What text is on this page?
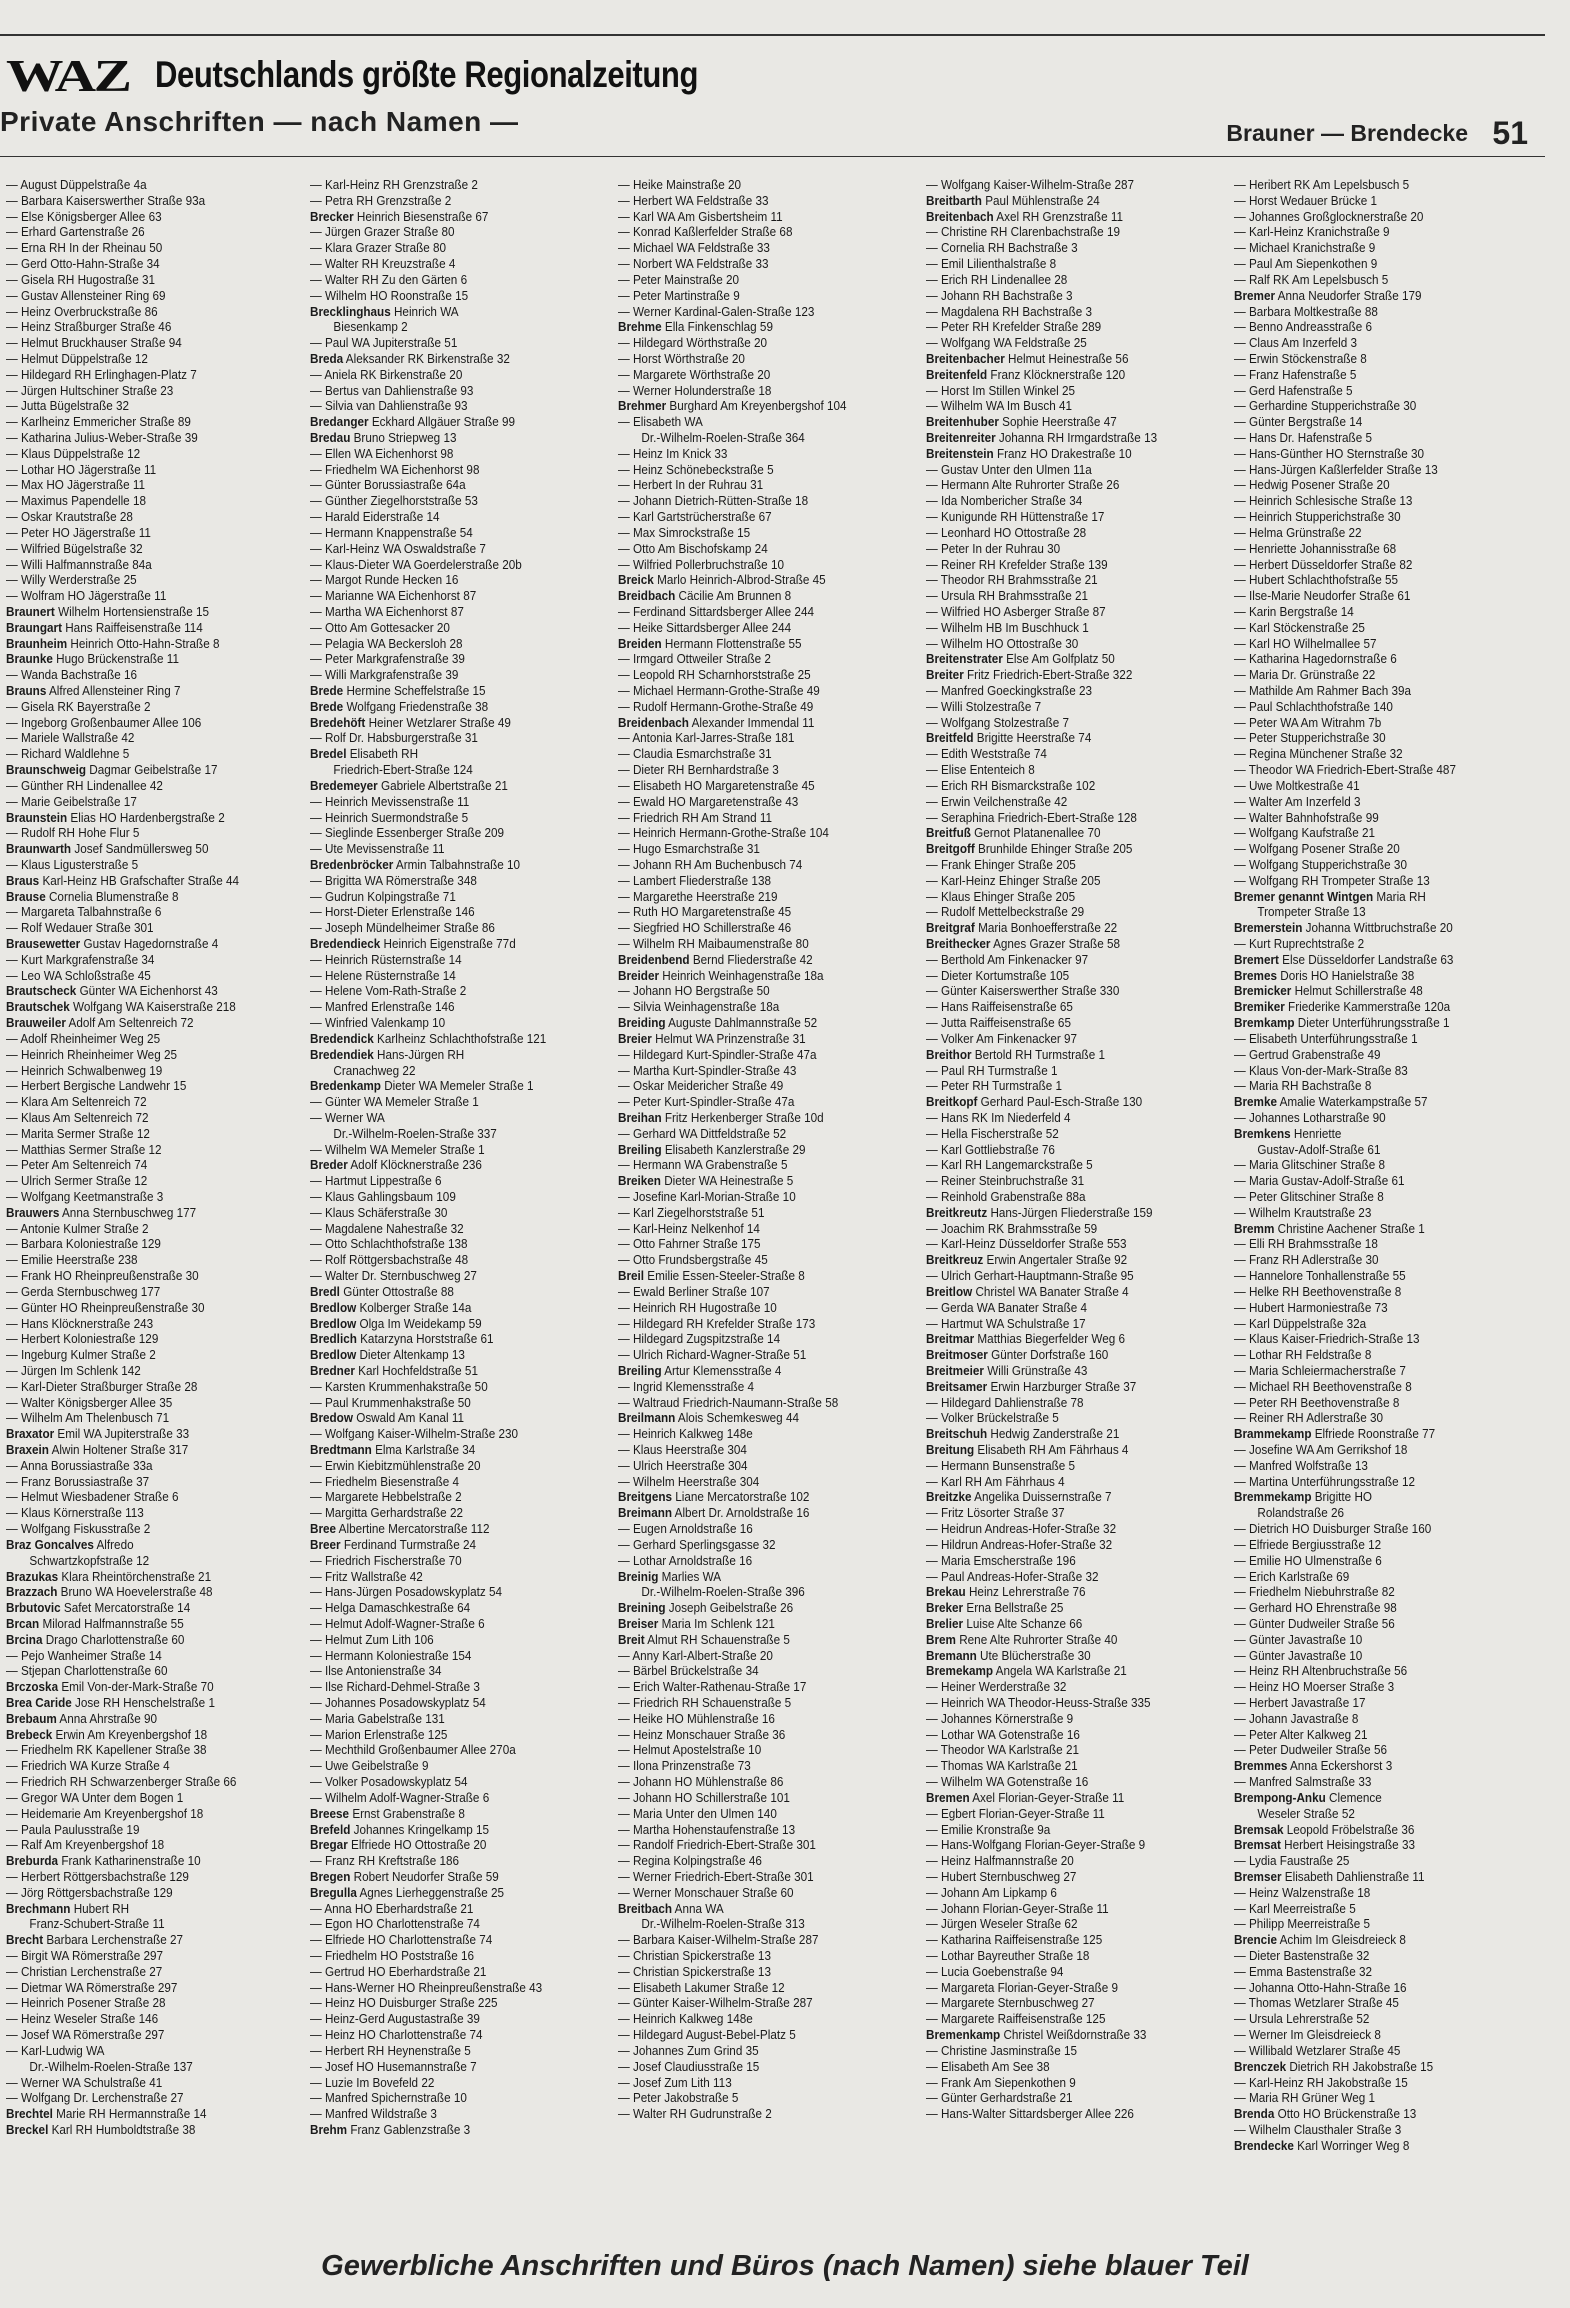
WAZ Deutschlands größte Regionalzeitung
Private Anschriften — nach Namen —	Brauner — Brendecke 51
— August Düppelstraße 4a
— Barbara Kaiserswerther Straße 93a
— Else Königsberger Allee 63
— Erhard Gartenstraße 26
— Erna RH In der Rheinau 50
— Gerd Otto-Hahn-Straße 34
— Gisela RH Hugostraße 31
— Gustav Allensteiner Ring 69
— Heinz Overbruckstraße 86
— Heinz Straßburger Straße 46
— Helmut Bruckhauser Straße 94
— Helmut Düppelstraße 12
— Hildegard RH Erlinghagen-Platz 7
— Jürgen Hultschiner Straße 23
— Jutta Bügelstraße 32
— Karlheinz Emmericher Straße 89
— Katharina Julius-Weber-Straße 39
— Klaus Düppelstraße 12
— Lothar HO Jägerstraße 11
— Max HO Jägerstraße 11
— Maximus Papendelle 18
— Oskar Krautstraße 28
— Peter HO Jägerstraße 11
— Wilfried Bügelstraße 32
— Willi Halfmannstraße 84a
— Willy Werderstraße 25
— Wolfram HO Jägerstraße 11
Braunert Wilhelm Hortensienstraße 15
Braungart Hans Raiffeisenstraße 114
Braunheim Heinrich Otto-Hahn-Straße 8
Braunke Hugo Brückenstraße 11
— Wanda Bachstraße 16
Brauns Alfred Allensteiner Ring 7
— Gisela RK Bayerstraße 2
— Ingeborg Großenbaumer Allee 106
— Mariele Wallstraße 42
— Richard Waldlehne 5
Braunschweig Dagmar Geibelstraße 17
— Günther RH Lindenallee 42
— Marie Geibelstraße 17
Braunstein Elias HO Hardenbergstraße 2
— Rudolf RH Hohe Flur 5
Braunwarth Josef Sandmüllersweg 50
— Klaus Ligusterstraße 5
Braus Karl-Heinz HB Grafschafter Straße 44
Brause Cornelia Blumenstraße 8
— Margareta Talbahnstraße 6
— Rolf Wedauer Straße 301
Brausewetter Gustav Hagedornstraße 4
— Kurt Markgrafenstraße 34
— Leo WA Schloßstraße 45
Brautscheck Günter WA Eichenhorst 43
Brautschek Wolfgang WA Kaiserstraße 218
Brauweiler Adolf Am Seltenreich 72
— Adolf Rheinheimer Weg 25
— Heinrich Rheinheimer Weg 25
— Heinrich Schwalbenweg 19
— Herbert Bergische Landwehr 15
— Klara Am Seltenreich 72
— Klaus Am Seltenreich 72
— Marita Sermer Straße 12
— Matthias Sermer Straße 12
— Peter Am Seltenreich 74
— Ulrich Sermer Straße 12
— Wolfgang Keetmanstraße 3
Brauwers Anna Sternbuschweg 177
— Antonie Kulmer Straße 2
— Barbara Koloniestraße 129
— Emilie Heerstraße 238
— Frank HO Rheinpreußenstraße 30
— Gerda Sternbuschweg 177
— Günter HO Rheinpreußenstraße 30
— Hans Klöcknerstraße 243
— Herbert Koloniestraße 129
— Ingeburg Kulmer Straße 2
— Jürgen Im Schlenk 142
— Karl-Dieter Straßburger Straße 28
— Walter Königsberger Allee 35
— Wilhelm Am Thelenbusch 71
Braxator Emil WA Jupiterstraße 33
Braxein Alwin Holtener Straße 317
— Anna Borussiastraße 33a
— Franz Borussiastraße 37
— Helmut Wiesbadener Straße 6
— Klaus Körnerstraße 113
— Wolfgang Fiskusstraße 2
Braz Goncalves Alfredo
  Schwartzkopfstraße 12
Brazukas Klara Rheintörchenstraße 21
Brazzach Bruno WA Hoevelerstraße 48
Brbutovic Safet Mercatorstraße 14
Brcan Milorad Halfmannstraße 55
Brcina Drago Charlottenstraße 60
— Pejo Wanheimer Straße 14
— Stjepan Charlottenstraße 60
Brczoska Emil Von-der-Mark-Straße 70
Brea Caride Jose RH Henschelstraße 1
Brebaum Anna Ahrstraße 90
Brebeck Erwin Am Kreyenbergshof 18
— Friedhelm RK Kapellener Straße 38
— Friedrich WA Kurze Straße 4
— Friedrich RH Schwarzenberger Straße 66
— Gregor WA Unter dem Bogen 1
— Heidemarie Am Kreyenbergshof 18
— Paula Paulusstraße 19
— Ralf Am Kreyenbergshof 18
Breburda Frank Katharinenstraße 10
— Herbert Röttgersbachstraße 129
— Jörg Röttgersbachstraße 129
Brechmann Hubert RH
  Franz-Schubert-Straße 11
Brecht Barbara Lerchenstraße 27
— Birgit WA Römerstraße 297
— Christian Lerchenstraße 27
— Dietmar WA Römerstraße 297
— Heinrich Posener Straße 28
— Heinz Weseler Straße 146
— Josef WA Römerstraße 297
— Karl-Ludwig WA
  Dr.-Wilhelm-Roelen-Straße 137
— Werner WA Schulstraße 41
— Wolfgang Dr. Lerchenstraße 27
Brechtel Marie RH Hermannstraße 14
Breckel Karl RH Humboldtstraße 38
— Karl-Heinz RH Grenzstraße 2
— Petra RH Grenzstraße 2
Brecker Heinrich Biesenstraße 67
— Jürgen Grazer Straße 80
— Klara Grazer Straße 80
— Walter RH Kreuzstraße 4
— Walter RH Zu den Gärten 6
— Wilhelm HO Roonstraße 15
Brecklinghaus Heinrich WA
  Biesenkamp 2
— Paul WA Jupiterstraße 51
Breda Aleksander RK Birkenstraße 32
— Aniela RK Birkenstraße 20
— Bertus van Dahlienstraße 93
— Silvia van Dahlienstraße 93
Bredanger Eckhard Allgäuer Straße 99
Bredau Bruno Striepweg 13
— Ellen WA Eichenhorst 98
— Friedhelm WA Eichenhorst 98
— Günter Borussiastraße 64a
— Günther Ziegelhorststraße 53
— Harald Eiderstraße 14
— Hermann Knappenstraße 54
— Karl-Heinz WA Oswaldstraße 7
— Klaus-Dieter WA Goerdelerstraße 20b
— Margot Runde Hecken 16
— Marianne WA Eichenhorst 87
— Martha WA Eichenhorst 87
— Otto Am Gottesacker 20
— Pelagia WA Beckersloh 28
— Peter Markgrafenstraße 39
— Willi Markgrafenstraße 39
Brede Hermine Scheffelstraße 15
Brede Wolfgang Friedenstraße 38
Bredehöft Heiner Wetzlarer Straße 49
— Rolf Dr. Habsburgerstraße 31
Bredel Elisabeth RH
  Friedrich-Ebert-Straße 124
Bredemeyer Gabriele Albertstraße 21
— Heinrich Mevissenstraße 11
— Heinrich Suermondstraße 5
— Sieglinde Essenberger Straße 209
— Ute Mevissenstraße 11
Bredenbröcker Armin Talbahnstraße 10
— Brigitta WA Römerstraße 348
— Gudrun Kolpingstraße 71
— Horst-Dieter Erlenstraße 146
— Joseph Mündelheimer Straße 86
Bredendieck Heinrich Eigenstraße 77d
— Heinrich Rüsternstraße 14
— Helene Rüsternstraße 14
— Helene Vom-Rath-Straße 2
— Manfred Erlenstraße 146
— Winfried Valenkamp 10
Bredendick Karlheinz Schlachthofstraße 121
Bredendiek Hans-Jürgen RH
  Cranachweg 22
Bredenkamp Dieter WA Memeler Straße 1
— Günter WA Memeler Straße 1
— Werner WA
  Dr.-Wilhelm-Roelen-Straße 337
— Wilhelm WA Memeler Straße 1
Breder Adolf Klöcknerstraße 236
— Hartmut Lippestraße 6
— Klaus Gahlingsbaum 109
— Klaus Schäferstraße 30
— Magdalene Nahestraße 32
— Otto Schlachthofstraße 138
— Rolf Röttgersbachstraße 48
— Walter Dr. Sternbuschweg 27
Bredl Günter Ottostraße 88
Bredlow Kolberger Straße 14a
Bredlow Olga Im Weidekamp 59
Bredlich Katarzyna Horststraße 61
Bredlow Dieter Altenkamp 13
Bredner Karl Hochfeldstraße 51
— Karsten Krummenhakstraße 50
— Paul Krummenhakstraße 50
Bredow Oswald Am Kanal 11
— Wolfgang Kaiser-Wilhelm-Straße 230
Bredtmann Elma Karlstraße 34
— Erwin Kiebitzmühlenstraße 20
— Friedhelm Biesenstraße 4
— Margarete Hebbelstraße 2
— Margitta Gerhardstraße 22
Bree Albertine Mercatorstraße 112
Breer Ferdinand Turmstraße 24
— Friedrich Fischerstraße 70
— Fritz Wallstraße 42
— Hans-Jürgen Posadowskyplatz 54
— Helga Damaschkestraße 64
— Helmut Adolf-Wagner-Straße 6
— Helmut Zum Lith 106
— Hermann Koloniestraße 154
— Ilse Antonienstraße 34
— Ilse Richard-Dehmel-Straße 3
— Johannes Posadowskyplatz 54
— Maria Gabelstraße 131
— Marion Erlenstraße 125
— Mechthild Großenbaumer Allee 270a
— Uwe Geibelstraße 9
— Volker Posadowskyplatz 54
— Wilhelm Adolf-Wagner-Straße 6
Breese Ernst Grabenstraße 8
Brefeld Johannes Kringelkamp 15
Bregar Elfriede HO Ottostraße 20
— Franz RH Kreftstraße 186
Bregen Robert Neudorfer Straße 59
Bregulla Agnes Lierheggenstraße 25
— Anna HO Eberhardstraße 21
— Egon HO Charlottenstraße 74
— Elfriede HO Charlottenstraße 74
— Friedhelm HO Poststraße 16
— Gertrud HO Eberhardstraße 21
— Hans-Werner HO Rheinpreußenstraße 43
— Heinz HO Duisburger Straße 225
— Heinz-Gerd Augustastraße 39
— Heinz HO Charlottenstraße 74
— Herbert RH Heynenstraße 5
— Josef HO Husemannstraße 7
— Luzie Im Bovefeld 22
— Manfred Spichernstraße 10
— Manfred Wildstraße 3
Brehm Franz Gablenzstraße 3
— Heike Mainstraße 20
— Herbert WA Feldstraße 33
— Karl WA Am Gisbertsheim 11
— Konrad Kaßlerfelder Straße 68
— Michael WA Feldstraße 33
— Norbert WA Feldstraße 33
— Peter Mainstraße 20
— Peter Martinstraße 9
— Werner Kardinal-Galen-Straße 123
Brehme Ella Finkenschlag 59
— Hildegard Wörthstraße 20
— Horst Wörthstraße 20
— Margarete Wörthstraße 20
— Werner Holunderstraße 18
Brehmer Burghard Am Kreyenbergshof 104
— Elisabeth WA
  Dr.-Wilhelm-Roelen-Straße 364
— Heinz Im Knick 33
— Heinz Schönebeckstraße 5
— Herbert In der Ruhrau 31
— Johann Dietrich-Rütten-Straße 18
— Karl Gartstrücherstraße 67
— Max Simrockstraße 15
— Otto Am Bischofskamp 24
— Wilfried Pollerbruchstraße 10
Breick Marlo Heinrich-Albrod-Straße 45
Breidbach Cäcilie Am Brunnen 8
— Ferdinand Sittardsberger Allee 244
— Heike Sittardsberger Allee 244
Breiden Hermann Flottenstraße 55
— Irmgard Ottweiler Straße 2
— Leopold RH Scharnhorststraße 25
— Michael Hermann-Grothe-Straße 49
— Rudolf Hermann-Grothe-Straße 49
Breidenbach Alexander Immendal 11
— Antonia Karl-Jarres-Straße 181
— Claudia Esmarchstraße 31
— Dieter RH Bernhardstraße 3
— Elisabeth HO Margaretenstraße 45
— Ewald HO Margaretenstraße 43
— Friedrich RH Am Strand 11
— Heinrich Hermann-Grothe-Straße 104
— Hugo Esmarchstraße 31
— Johann RH Am Buchenbusch 74
— Lambert Fliederstraße 138
— Margarethe Heerstraße 219
— Ruth HO Margaretenstraße 45
— Siegfried HO Schillerstraße 46
— Wilhelm RH Maibaumenstraße 80
Breidenbend Bernd Fliederstraße 42
Breider Heinrich Weinhagenstraße 18a
— Johann HO Bergstraße 50
— Silvia Weinhagenstraße 18a
Breiding Auguste Dahlmannstraße 52
Breier Helmut WA Prinzenstraße 31
— Hildegard Kurt-Spindler-Straße 47a
— Martha Kurt-Spindler-Straße 43
— Oskar Meidericher Straße 49
— Peter Kurt-Spindler-Straße 47a
Breihan Fritz Herkenberger Straße 10d
— Gerhard WA Dittfeldstraße 52
Breiling Elisabeth Kanzlerstraße 29
— Hermann WA Grabenstraße 5
Breiken Dieter WA Heinestraße 5
— Josefine Karl-Morian-Straße 10
— Karl Ziegelhorststraße 51
— Karl-Heinz Nelkenhof 14
— Otto Fahrner Straße 175
— Otto Frundsbergstraße 45
Breil Emilie Essen-Steeler-Straße 8
— Ewald Berliner Straße 107
— Heinrich RH Hugostraße 10
— Hildegard RH Krefelder Straße 173
— Hildegard Zugspitzstraße 14
— Ulrich Richard-Wagner-Straße 51
Breiling Artur Klemensstraße 4
— Ingrid Klemensstraße 4
— Waltraud Friedrich-Naumann-Straße 58
Breilmann Alois Schemkesweg 44
— Heinrich Kalkweg 148e
— Klaus Heerstraße 304
— Ulrich Heerstraße 304
— Wilhelm Heerstraße 304
Breitgens Liane Mercatorstraße 102
Breimann Albert Dr. Arnoldstraße 16
— Eugen Arnoldstraße 16
— Gerhard Sperlingsgasse 32
— Lothar Arnoldstraße 16
Breinig Marlies WA
  Dr.-Wilhelm-Roelen-Straße 396
Breining Joseph Geibelstraße 26
Breiser Maria Im Schlenk 121
Breit Almut RH Schauenstraße 5
— Anny Karl-Albert-Straße 20
— Bärbel Brückelstraße 34
— Erich Walter-Rathenau-Straße 17
— Friedrich RH Schauenstraße 5
— Heike HO Mühlenstraße 16
— Heinz Monschauer Straße 36
— Helmut Apostelstraße 10
— Ilona Prinzenstraße 73
— Johann HO Mühlenstraße 86
— Johann HO Schillerstraße 101
— Maria Unter den Ulmen 140
— Martha Hohenstaufenstraße 13
— Randolf Friedrich-Ebert-Straße 301
— Regina Kolpingstraße 46
— Werner Friedrich-Ebert-Straße 301
— Werner Monschauer Straße 60
Breitbach Anna WA
  Dr.-Wilhelm-Roelen-Straße 313
— Barbara Kaiser-Wilhelm-Straße 287
— Christian Spickerstraße 13
— Christian Spickerstraße 13
— Elisabeth Lakumer Straße 12
— Günter Kaiser-Wilhelm-Straße 287
— Heinrich Kalkweg 148e
— Hildegard August-Bebel-Platz 5
— Johannes Zum Grind 35
— Josef Claudiusstraße 15
— Josef Zum Lith 113
— Peter Jakobstraße 5
— Walter RH Gudrunstraße 2
— Wolfgang Kaiser-Wilhelm-Straße 287
Breitbarth Paul Mühlenstraße 24
Breitenbach Axel RH Grenzstraße 11
— Christine RH Clarenbachstraße 19
— Cornelia RH Bachstraße 3
— Emil Lilienthalstraße 8
— Erich RH Lindenallee 28
— Johann RH Bachstraße 3
— Magdalena RH Bachstraße 3
— Peter RH Krefelder Straße 289
— Wolfgang WA Feldstraße 25
Breitenbacher Helmut Heinestraße 56
Breitenfeld Franz Klöcknerstraße 120
— Horst Im Stillen Winkel 25
— Wilhelm WA Im Busch 41
Breitenhuber Sophie Heerstraße 47
Breitenreiter Johanna RH Irmgardstraße 13
Breitenstein Franz HO Drakestraße 10
— Gustav Unter den Ulmen 11a
— Hermann Alte Ruhrorter Straße 26
— Ida Nombericher Straße 34
— Kunigunde RH Hüttenstraße 17
— Leonhard HO Ottostraße 28
— Peter In der Ruhrau 30
— Reiner RH Krefelder Straße 139
— Theodor RH Brahmsstraße 21
— Ursula RH Brahmsstraße 21
— Wilfried HO Asberger Straße 87
— Wilhelm HB Im Buschhuck 1
— Wilhelm HO Ottostraße 30
Breitenstrater Else Am Golfplatz 50
Breiter Fritz Friedrich-Ebert-Straße 322
— Manfred Goeckingkstraße 23
— Willi Stolzestraße 7
— Wolfgang Stolzestraße 7
Breitfeld Brigitte Heerstraße 74
— Edith Weststraße 74
— Elise Ententeich 8
— Erich RH Bismarckstraße 102
— Erwin Veilchenstraße 42
— Seraphina Friedrich-Ebert-Straße 128
Breitfuß Gernot Platanenallee 70
Breitgoff Brunhilde Ehinger Straße 205
— Frank Ehinger Straße 205
— Karl-Heinz Ehinger Straße 205
— Klaus Ehinger Straße 205
— Rudolf Mettelbeckstraße 29
Breitgraf Maria Bonhoefferstraße 22
Breithecker Agnes Grazer Straße 58
— Berthold Am Finkenacker 97
— Dieter Kortumstraße 105
— Günter Kaiserswerther Straße 330
— Hans Raiffeisenstraße 65
— Jutta Raiffeisenstraße 65
— Volker Am Finkenacker 97
Breithor Bertold RH Turmstraße 1
— Paul RH Turmstraße 1
— Peter RH Turmstraße 1
Breitkopf Gerhard Paul-Esch-Straße 130
— Hans RK Im Niederfeld 4
— Hella Fischerstraße 52
— Karl Gottliebstraße 76
— Karl RH Langemarckstraße 5
— Reiner Steinbruchstraße 31
— Reinhold Grabenstraße 88a
Breitkreutz Hans-Jürgen Fliederstraße 159
— Joachim RK Brahmsstraße 59
— Karl-Heinz Düsseldorfer Straße 553
Breitkreuz Erwin Angertaler Straße 92
— Ulrich Gerhart-Hauptmann-Straße 95
Breitlow Christel WA Banater Straße 4
— Gerda WA Banater Straße 4
— Hartmut WA Schulstraße 17
Breitmar Matthias Biegerfelder Weg 6
Breitmoser Günter Dorfstraße 160
Breitmeier Willi Grünstraße 43
Breitsamer Erwin Harzburger Straße 37
— Hildegard Dahlienstraße 78
— Volker Brückelstraße 5
Breitschuh Hedwig Zanderstraße 21
Breitung Elisabeth RH Am Fährhaus 4
— Hermann Bunsenstraße 5
— Karl RH Am Fährhaus 4
Breitzke Angelika Duissernstraße 7
— Fritz Lösorter Straße 37
— Heidrun Andreas-Hofer-Straße 32
— Hildrun Andreas-Hofer-Straße 32
— Maria Emscherstraße 196
— Paul Andreas-Hofer-Straße 32
Brekau Heinz Lehrerstraße 76
Breker Erna Bellstraße 25
Brelier Luise Alte Schanze 66
Brem Rene Alte Ruhrorter Straße 40
Bremann Ute Blücherstraße 30
Bremekamp Angela WA Karlstraße 21
— Heiner Werderstraße 32
— Heinrich WA Theodor-Heuss-Straße 335
— Johannes Körnerstraße 9
— Lothar WA Gotenstraße 16
— Theodor WA Karlstraße 21
— Thomas WA Karlstraße 21
— Wilhelm WA Gotenstraße 16
Bremen Axel Florian-Geyer-Straße 11
— Egbert Florian-Geyer-Straße 11
— Emilie Kronstraße 9a
— Hans-Wolfgang Florian-Geyer-Straße 9
— Heinz Halfmannstraße 20
— Hubert Sternbuschweg 27
— Johann Am Lipkamp 6
— Johann Florian-Geyer-Straße 11
— Jürgen Weseler Straße 62
— Katharina Raiffeisenstraße 125
— Lothar Bayreuther Straße 18
— Lucia Goebenstraße 94
— Margareta Florian-Geyer-Straße 9
— Margarete Sternbuschweg 27
— Margarete Raiffeisenstraße 125
Bremenkamp Christel Weißdornstraße 33
— Christine Jasminstraße 15
— Elisabeth Am See 38
— Frank Am Siepenkothen 9
— Günter Gerhardstraße 21
— Hans-Walter Sittardsberger Allee 226
— Heribert RK Am Lepelsbusch 5
— Horst Wedauer Brücke 1
— Johannes Großglocknerstraße 20
— Karl-Heinz Kranichstraße 9
— Michael Kranichstraße 9
— Paul Am Siepenkothen 9
— Ralf RK Am Lepelsbusch 5
Bremer Anna Neudorfer Straße 179
— Barbara Moltkestraße 88
— Benno Andreasstraße 6
— Claus Am Inzerfeld 3
— Erwin Stöckenstraße 8
— Franz Hafenstraße 5
— Gerd Hafenstraße 5
— Gerhardine Stupperichstraße 30
— Günter Bergstraße 14
— Hans Dr. Hafenstraße 5
— Hans-Günther HO Sternstraße 30
— Hans-Jürgen Kaßlerfelder Straße 13
— Hedwig Posener Straße 20
— Heinrich Schlesische Straße 13
— Heinrich Stupperichstraße 30
— Helma Grünstraße 22
— Henriette Johannisstraße 68
— Herbert Düsseldorfer Straße 82
— Hubert Schlachthofstraße 55
— Ilse-Marie Neudorfer Straße 61
— Karin Bergstraße 14
— Karl Stöckenstraße 25
— Karl HO Wilhelmallee 57
— Katharina Hagedornstraße 6
— Maria Dr. Grünstraße 22
— Mathilde Am Rahmer Bach 39a
— Paul Schlachthofstraße 140
— Peter WA Am Witrahm 7b
— Peter Stupperichstraße 30
— Regina Münchener Straße 32
— Theodor WA Friedrich-Ebert-Straße 487
— Uwe Moltkestraße 41
— Walter Am Inzerfeld 3
— Walter Bahnhofstraße 99
— Wolfgang Kaufstraße 21
— Wolfgang Posener Straße 20
— Wolfgang Stupperichstraße 30
— Wolfgang RH Trompeter Straße 13
Bremer genannt Wintgen Maria RH
  Trompeter Straße 13
Bremerstein Johanna Wittbruchstraße 20
— Kurt Ruprechtstraße 2
Bremert Else Düsseldorfer Landstraße 63
Bremes Doris HO Hanielstraße 38
Bremicker Helmut Schillerstraße 48
Bremiker Friederike Kammerstraße 120a
Bremkamp Dieter Unterführungsstraße 1
— Elisabeth Unterführungsstraße 1
— Gertrud Grabenstraße 49
— Klaus Von-der-Mark-Straße 83
— Maria RH Bachstraße 8
Bremke Amalie Waterkampstraße 57
— Johannes Lotharstraße 90
Bremkens Henriette
  Gustav-Adolf-Straße 61
— Maria Glitschiner Straße 8
— Maria Gustav-Adolf-Straße 61
— Peter Glitschiner Straße 8
— Wilhelm Krautstraße 23
Bremm Christine Aachener Straße 1
— Elli RH Brahmsstraße 18
— Franz RH Adlerstraße 30
— Hannelore Tonhallenstraße 55
— Helke RH Beethovenstraße 8
— Hubert Harmoniestraße 73
— Karl Düppelstraße 32a
— Klaus Kaiser-Friedrich-Straße 13
— Lothar RH Feldstraße 8
— Maria Schleiermacherstraße 7
— Michael RH Beethovenstraße 8
— Peter RH Beethovenstraße 8
— Reiner RH Adlerstraße 30
Brammekamp Elfriede Roonstraße 77
— Josefine WA Am Gerrikshof 18
— Manfred Wolfstraße 13
— Martina Unterführungsstraße 12
Bremmekamp Brigitte HO
  Rolandstraße 26
— Dietrich HO Duisburger Straße 160
— Elfriede Bergiusstraße 12
— Emilie HO Ulmenstraße 6
— Erich Karlstraße 69
— Friedhelm Niebuhrstraße 82
— Gerhard HO Ehrenstraße 98
— Günter Dudweiler Straße 56
— Günter Javastraße 10
— Günter Javastraße 10
— Heinz RH Altenbruchstraße 56
— Heinz HO Moerser Straße 3
— Herbert Javastraße 17
— Johann Javastraße 8
— Peter Alter Kalkweg 21
— Peter Dudweiler Straße 56
Bremmes Anna Eckershorst 3
— Manfred Salmstraße 33
Brempong-Anku Clemence
  Weseler Straße 52
Bremsak Leopold Fröbelstraße 36
Bremsat Herbert Heisingstraße 33
— Lydia Faustraße 25
Bremser Elisabeth Dahlienstraße 11
— Heinz Walzenstraße 18
— Karl Meerreistraße 5
— Philipp Meerreistraße 5
Brencie Achim Im Gleisdreieck 8
— Dieter Bastenstraße 32
— Emma Bastenstraße 32
— Johanna Otto-Hahn-Straße 16
— Thomas Wetzlarer Straße 45
— Ursula Lehrerstraße 52
— Werner Im Gleisdreieck 8
— Willibald Wetzlarer Straße 45
Brenczek Dietrich RH Jakobstraße 15
— Karl-Heinz RH Jakobstraße 15
— Maria RH Grüner Weg 1
Brenda Otto HO Brückenstraße 13
— Wilhelm Clausthaler Straße 3
Brendecke Karl Worringer Weg 8
Gewerbliche Anschriften und Büros (nach Namen) siehe blauer Teil
